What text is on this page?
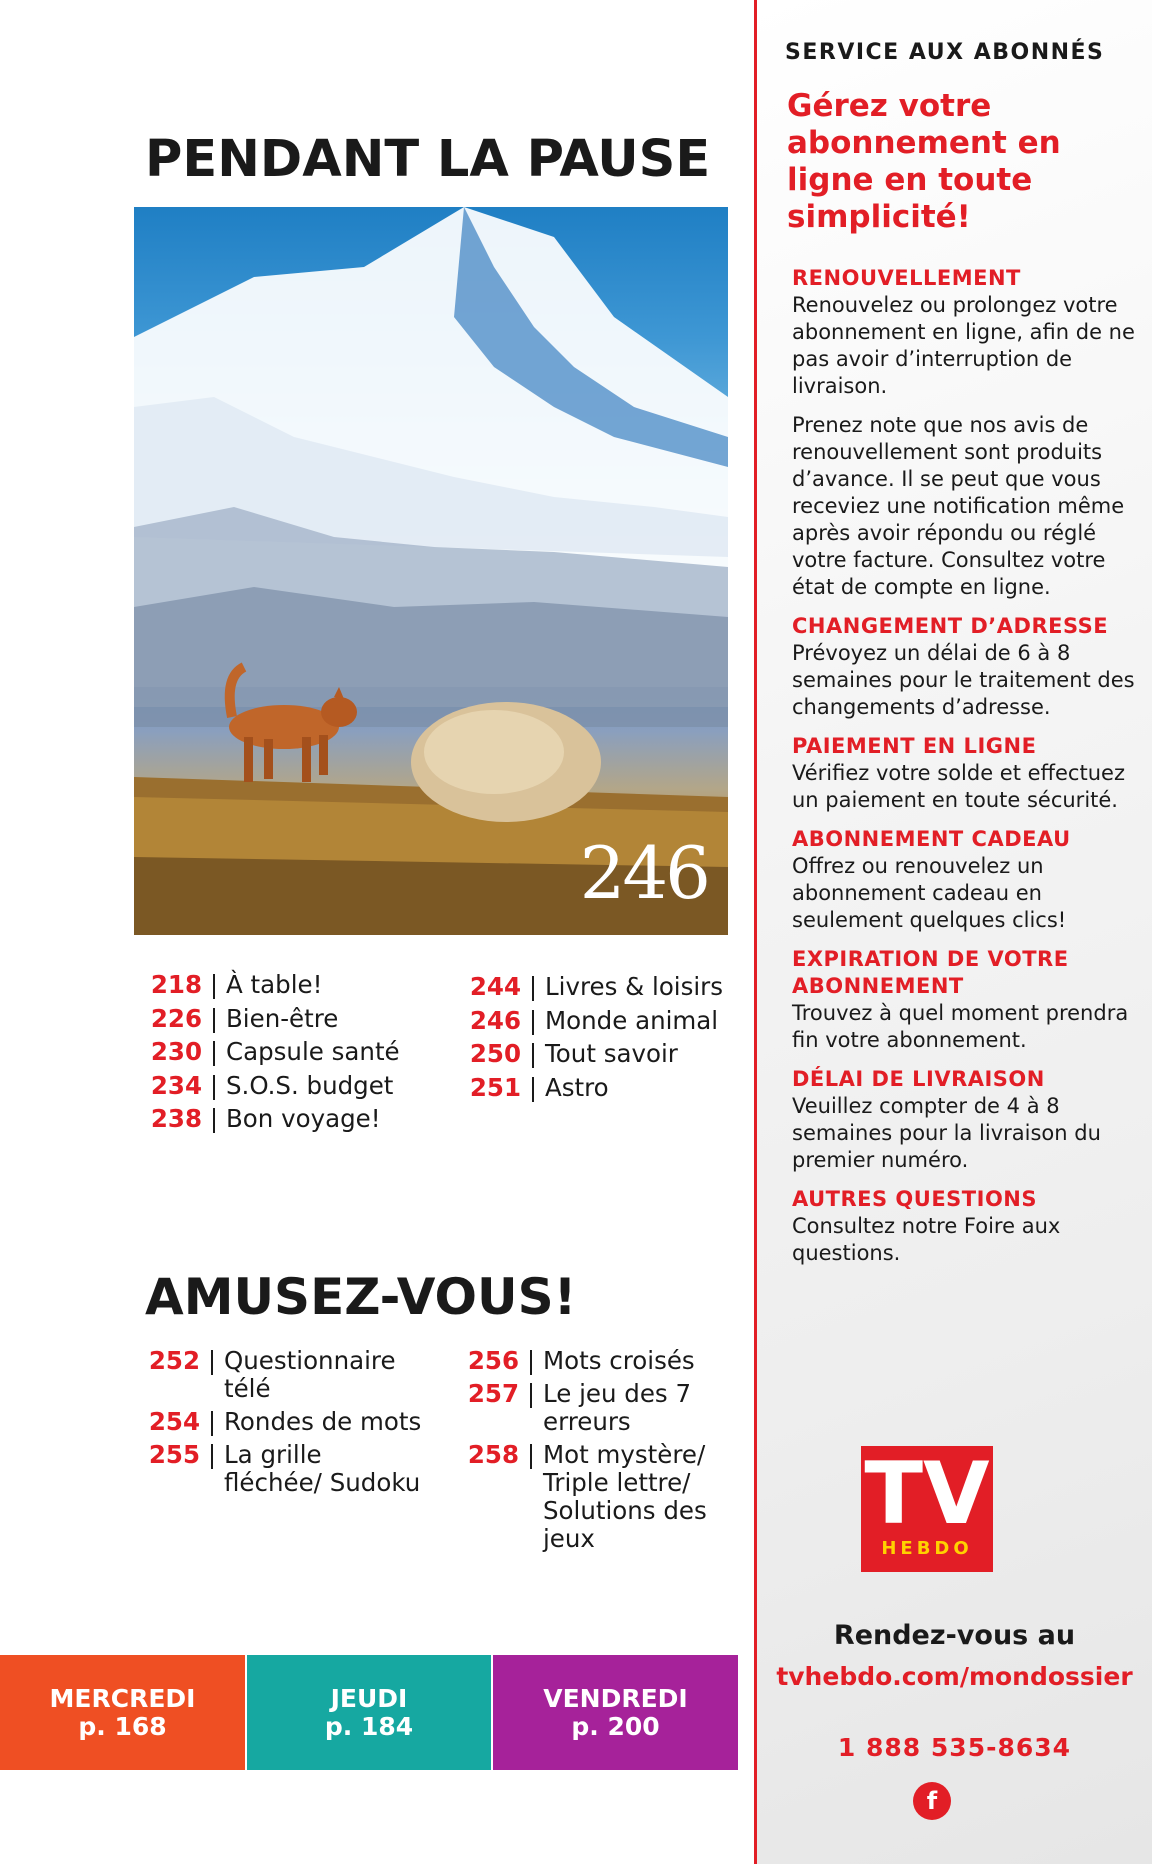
PENDANT LA PAUSE
246
218 | À table!
226 | Bien-être
230 | Capsule santé
234 | S.O.S. budget
238 | Bon voyage!
244 | Livres & loisirs
246 | Monde animal
250 | Tout savoir
251 | Astro
AMUSEZ-VOUS!
252 | Questionnaire télé
254 | Rondes de mots
255 | La grille fléchée/ Sudoku
256 | Mots croisés
257 | Le jeu des 7 erreurs
258 | Mot mystère/ Triple lettre/ Solutions des jeux
MERCREDI
p. 168
JEUDI
p. 184
VENDREDI
p. 200
SERVICE AUX ABONNÉS
Gérez votre abonnement en ligne en toute simplicité!
RENOUVELLEMENT
Renouvelez ou prolongez votre abonnement en ligne, afin de ne pas avoir d’interruption de livraison.
Prenez note que nos avis de renouvellement sont produits d’avance. Il se peut que vous receviez une notification même après avoir répondu ou réglé votre facture. Consultez votre état de compte en ligne.
CHANGEMENT D’ADRESSE
Prévoyez un délai de 6 à 8 semaines pour le traitement des changements d’adresse.
PAIEMENT EN LIGNE
Vérifiez votre solde et effectuez un paiement en toute sécurité.
ABONNEMENT CADEAU
Offrez ou renouvelez un abonnement cadeau en seulement quelques clics!
EXPIRATION DE VOTRE ABONNEMENT
Trouvez à quel moment prendra fin votre abonnement.
DÉLAI DE LIVRAISON
Veuillez compter de 4 à 8 semaines pour la livraison du premier numéro.
AUTRES QUESTIONS
Consultez notre Foire aux questions.
TV
HEBDO
Rendez-vous au
tvhebdo.com/mondossier
1 888 535-8634
f
